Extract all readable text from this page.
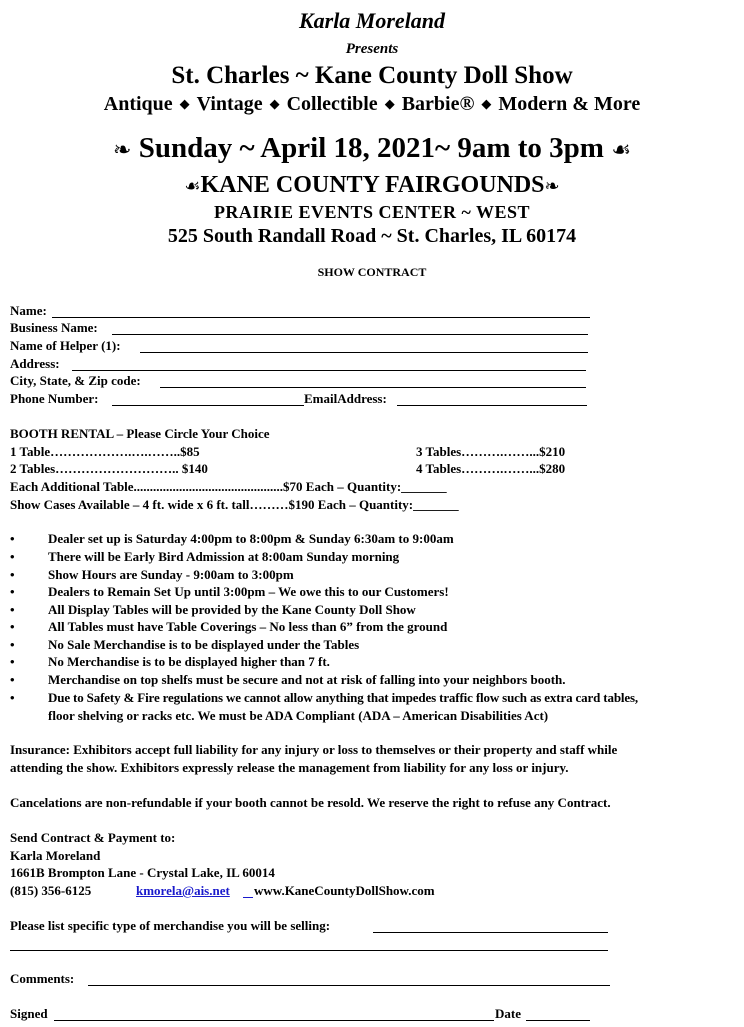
Karla Moreland
Presents
St. Charles ~ Kane County Doll Show
Antique ◆ Vintage ◆ Collectible ◆ Barbie® ◆ Modern & More
❧ Sunday ~ April 18, 2021~ 9am to 3pm ☙
☙KANE COUNTY FAIRGOUNDS❧
PRAIRIE EVENTS CENTER ~ WEST
525 South Randall Road ~ St. Charles, IL 60174
SHOW CONTRACT
Name:
Business Name:
Name of Helper (1):
Address:
City, State, & Zip code:
Phone Number:	EmailAddress:
BOOTH RENTAL – Please Circle Your Choice
1 Table……………….….……..$85	3 Tables……….……...$210
2 Tables……………………….. $140	4 Tables……….……...$280
Each Additional Table..............................................$70 Each – Quantity:_______
Show Cases Available – 4 ft. wide x 6 ft. tall………$190 Each – Quantity:_______
•	Dealer set up is Saturday 4:00pm to 8:00pm & Sunday 6:30am to 9:00am
•	There will be Early Bird Admission at 8:00am Sunday morning
•	Show Hours are Sunday - 9:00am to 3:00pm
•	Dealers to Remain Set Up until 3:00pm – We owe this to our Customers!
•	All Display Tables will be provided by the Kane County Doll Show
•	All Tables must have Table Coverings – No less than 6” from the ground
•	No Sale Merchandise is to be displayed under the Tables
•	No Merchandise is to be displayed higher than 7 ft.
•	Merchandise on top shelfs must be secure and not at risk of falling into your neighbors booth.
•	Due to Safety & Fire regulations we cannot allow anything that impedes traffic flow such as extra card tables,
floor shelving or racks etc. We must be ADA Compliant (ADA – American Disabilities Act)
Insurance: Exhibitors accept full liability for any injury or loss to themselves or their property and staff while
attending the show. Exhibitors expressly release the management from liability for any loss or injury.
Cancelations are non-refundable if your booth cannot be resold. We reserve the right to refuse any Contract.
Send Contract & Payment to:
Karla Moreland
1661B Brompton Lane - Crystal Lake, IL 60014
(815) 356-6125	kmorela@ais.net www.KaneCountyDollShow.com
Please list specific type of merchandise you will be selling:
Comments:
Signed	Date
